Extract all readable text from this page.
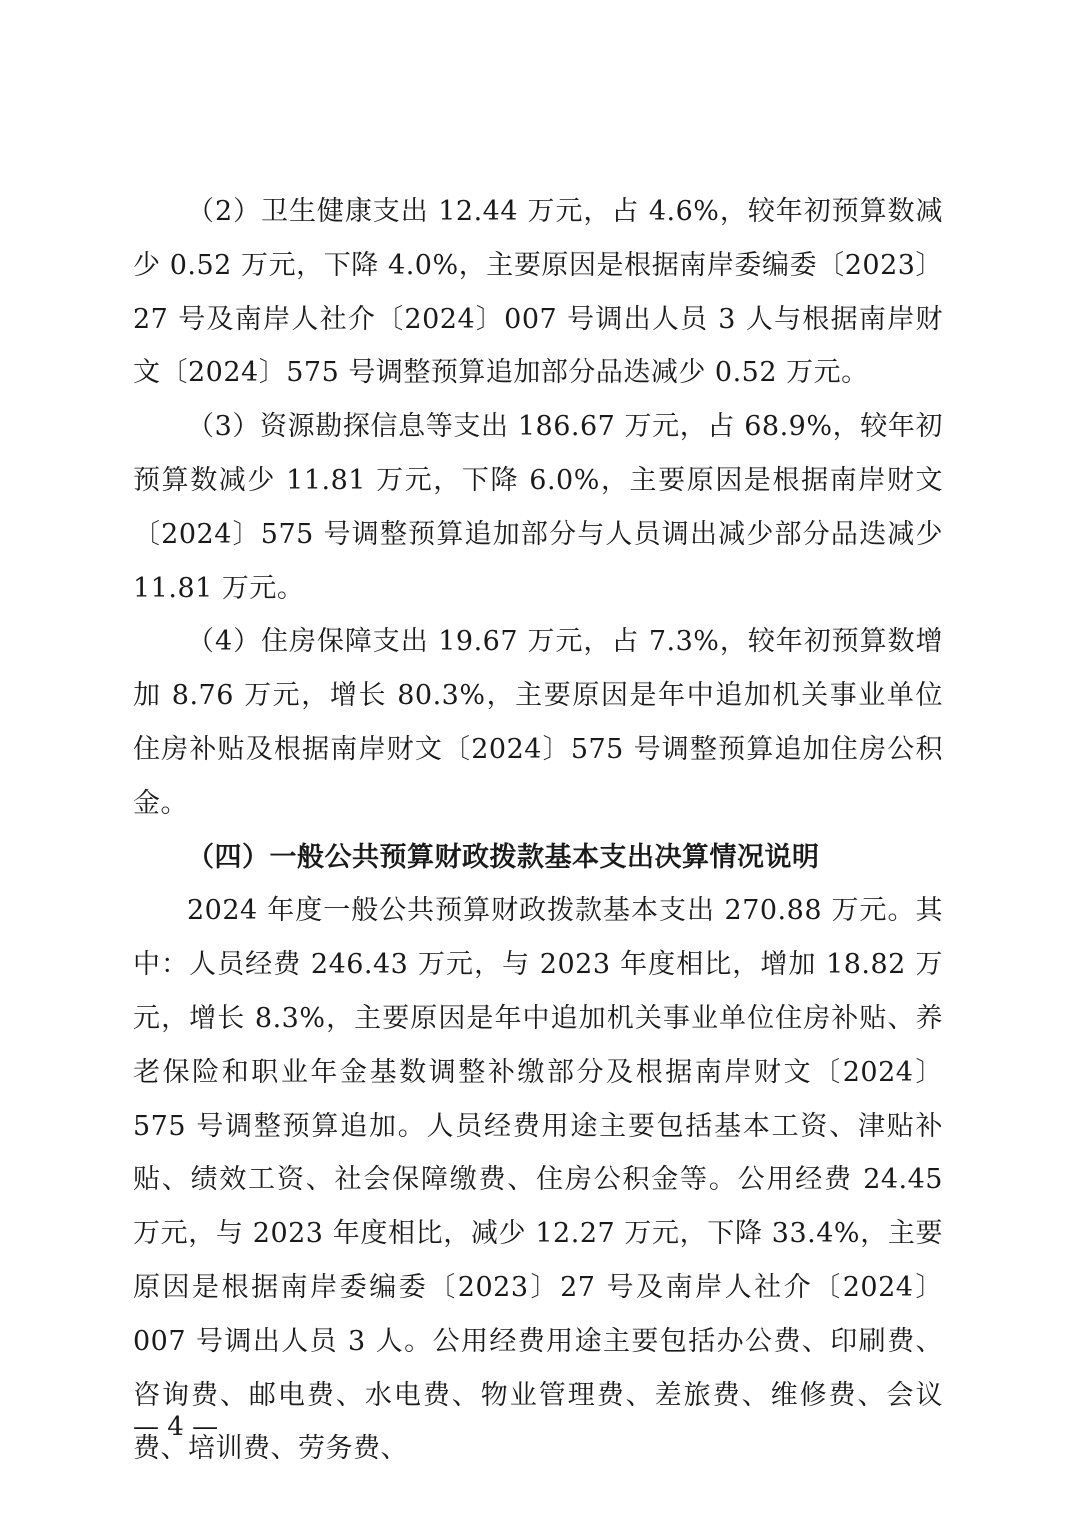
（2）卫生健康支出 12.44 万元，占 4.6%，较年初预算数减少 0.52 万元，下降 4.0%，主要原因是根据南岸委编委〔2023〕27 号及南岸人社介〔2024〕007 号调出人员 3 人与根据南岸财文〔2024〕575 号调整预算追加部分品迭减少 0.52 万元。

（3）资源勘探信息等支出 186.67 万元，占 68.9%，较年初预算数减少 11.81 万元，下降 6.0%，主要原因是根据南岸财文〔2024〕575 号调整预算追加部分与人员调出减少部分品迭减少 11.81 万元。

（4）住房保障支出 19.67 万元，占 7.3%，较年初预算数增加 8.76 万元，增长 80.3%，主要原因是年中追加机关事业单位住房补贴及根据南岸财文〔2024〕575 号调整预算追加住房公积金。

（四）一般公共预算财政拨款基本支出决算情况说明

2024 年度一般公共预算财政拨款基本支出 270.88 万元。其中：人员经费 246.43 万元，与 2023 年度相比，增加 18.82 万元，增长 8.3%，主要原因是年中追加机关事业单位住房补贴、养老保险和职业年金基数调整补缴部分及根据南岸财文〔2024〕575 号调整预算追加。人员经费用途主要包括基本工资、津贴补贴、绩效工资、社会保障缴费、住房公积金等。公用经费 24.45 万元，与 2023 年度相比，减少 12.27 万元，下降 33.4%，主要原因是根据南岸委编委〔2023〕27 号及南岸人社介〔2024〕007 号调出人员 3 人。公用经费用途主要包括办公费、印刷费、咨询费、邮电费、水电费、物业管理费、差旅费、维修费、会议费、培训费、劳务费、

— 4 —
